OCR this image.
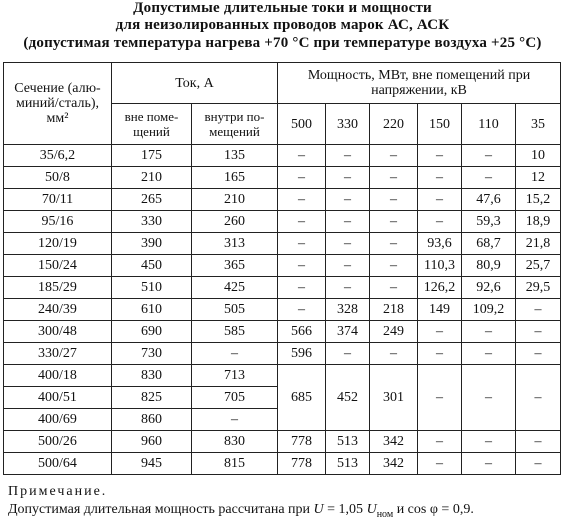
Допустимые длительные токи и мощности
для неизолированных проводов марок АС, АСК
(допустимая температура нагрева +70 °С при температуре воздуха +25 °С)
Сечение (алю-миний/сталь), мм²	Ток, А		Мощность, МВт, вне помещений при напряжении, кВ					
	вне поме-щений	внутри по-мещений	500	330	220	150	110	35
35/6,2	175	135	–	–	–	–	–	10
50/8	210	165	–	–	–	–	–	12
70/11	265	210	–	–	–	–	47,6	15,2
95/16	330	260	–	–	–	–	59,3	18,9
120/19	390	313	–	–	–	93,6	68,7	21,8
150/24	450	365	–	–	–	110,3	80,9	25,7
185/29	510	425	–	–	–	126,2	92,6	29,5
240/39	610	505	–	328	218	149	109,2	–
300/48	690	585	566	374	249	–	–	–
330/27	730	–	596	–	–	–	–	–
400/18	830	713	685	452	301	–	–	–
400/51	825	705						
400/69	860	–						
500/26	960	830	778	513	342	–	–	–
500/64	945	815	778	513	342	–	–	–
Примечание.
Допустимая длительная мощность рассчитана при U = 1,05 $U_{ном}$ и cos φ = 0,9.
